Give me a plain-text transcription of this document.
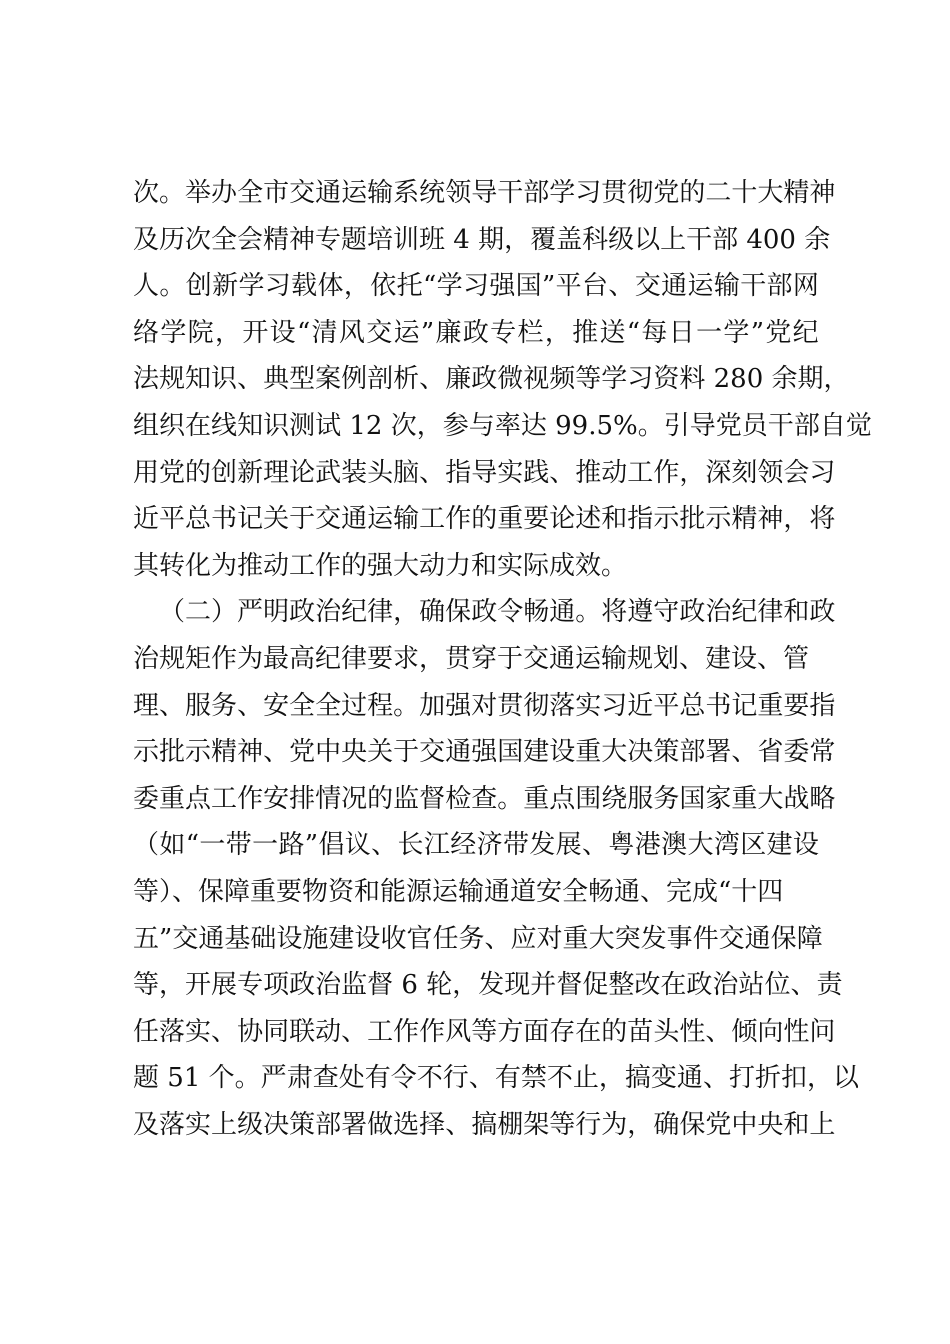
次 。 举 办 全 市 交 通 运 输 系 统 领 导 干 部 学 习 贯 彻 党 的 二 十 大 精 神
及历次全会精神专题培训班 4 期，覆盖科级以上干部 400 余
人 。 创 新 学 习 载 体 ， 依 托 “ 学 习 强 国 ” 平 台 、 交 通 运 输 干 部 网
络 学 院 ， 开 设 “ 清 风 交 运 ” 廉 政 专 栏 ， 推 送 “ 每 日 一 学 ” 党 纪
法 规 知 识 、 典 型 案 例 剖 析 、 廉 政 微 视 频 等 学 习 资 料 280 余 期 ，
组 织 在 线 知 识 测 试 12 次 ， 参 与 率 达 99.5% 。 引 导 党 员 干 部 自 觉
用 党 的 创 新 理 论 武 装 头 脑 、 指 导 实 践 、 推 动 工 作 ， 深 刻 领 会 习
近 平 总 书 记 关 于 交 通 运 输 工 作 的 重 要 论 述 和 指 示 批 示 精 神 ， 将
其转化为推动工作的强大动力和实际成效。
（ 二 ） 严 明 政 治 纪 律 ， 确 保 政 令 畅 通 。 将 遵 守 政 治 纪 律 和 政
治规矩作为最高纪律要求，贯穿于交通运输规划、建设、管
理 、 服 务 、 安 全 全 过 程 。 加 强 对 贯 彻 落 实 习 近 平 总 书 记 重 要 指
示 批 示 精 神 、 党 中 央 关 于 交 通 强 国 建 设 重 大 决 策 部 署 、 省 委 常
委 重 点 工 作 安 排 情 况 的 监 督 检 查 。 重 点 围 绕 服 务 国 家 重 大 战 略
（ 如 “ 一 带 一 路 ” 倡 议 、 长 江 经 济 带 发 展 、 粤 港 澳 大 湾 区 建 设
等）、保障重要物资和能源运输通道安全畅通、完成“十四
五 ” 交 通 基 础 设 施 建 设 收 官 任 务 、 应 对 重 大 突 发 事 件 交 通 保 障
等 ， 开 展 专 项 政 治 监 督 6 轮 ， 发 现 并 督 促 整 改 在 政 治 站 位 、 责
任 落 实 、 协 同 联 动 、 工 作 作 风 等 方 面 存 在 的 苗 头 性 、 倾 向 性 问
题 51 个 。 严 肃 查 处 有 令 不 行 、 有 禁 不 止 ， 搞 变 通 、 打 折 扣 ， 以
及 落 实 上 级 决 策 部 署 做 选 择 、 搞 棚 架 等 行 为 ， 确 保 党 中 央 和 上
